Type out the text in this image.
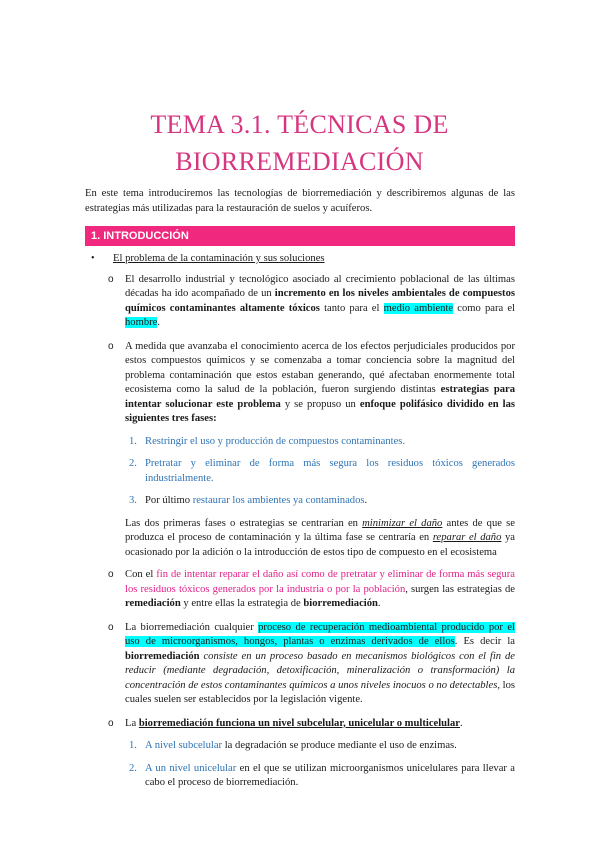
TEMA 3.1. TÉCNICAS DE
BIORREMEDIACIÓN
En este tema introduciremos las tecnologías de biorremediación y describiremos algunas de las estrategias más utilizadas para la restauración de suelos y acuíferos.
1. INTRODUCCIÓN
• El problema de la contaminación y sus soluciones
o El desarrollo industrial y tecnológico asociado al crecimiento poblacional de las últimas décadas ha ido acompañado de un incremento en los niveles ambientales de compuestos químicos contaminantes altamente tóxicos tanto para el medio ambiente como para el hombre.
o A medida que avanzaba el conocimiento acerca de los efectos perjudiciales producidos por estos compuestos químicos y se comenzaba a tomar conciencia sobre la magnitud del problema contaminación que estos estaban generando, qué afectaban enormemente total ecosistema como la salud de la población, fueron surgiendo distintas estrategias para intentar solucionar este problema y se propuso un enfoque polifásico dividido en las siguientes tres fases:
1. Restringir el uso y producción de compuestos contaminantes.
2. Pretratar y eliminar de forma más segura los residuos tóxicos generados industrialmente.
3. Por último restaurar los ambientes ya contaminados.
Las dos primeras fases o estrategias se centrarían en minimizar el daño antes de que se produzca el proceso de contaminación y la última fase se centraría en reparar el daño ya ocasionado por la adición o la introducción de estos tipo de compuesto en el ecosistema
o Con el fin de intentar reparar el daño así como de pretratar y eliminar de forma más segura los residuos tóxicos generados por la industria o por la población, surgen las estrategias de remediación y entre ellas la estrategia de biorremediación.
o La biorremediación cualquier proceso de recuperación medioambiental producido por el uso de microorganismos, hongos, plantas o enzimas derivados de ellos. Es decir la biorremediación consiste en un proceso basado en mecanismos biológicos con el fin de reducir (mediante degradación, detoxificación, mineralización o transformación) la concentración de estos contaminantes químicos a unos niveles inocuos o no detectables, los cuales suelen ser establecidos por la legislación vigente.
o La biorremediación funciona un nivel subcelular, unicelular o multicelular.
1. A nivel subcelular la degradación se produce mediante el uso de enzimas.
2. A un nivel unicelular en el que se utilizan microorganismos unicelulares para llevar a cabo el proceso de biorremediación.
